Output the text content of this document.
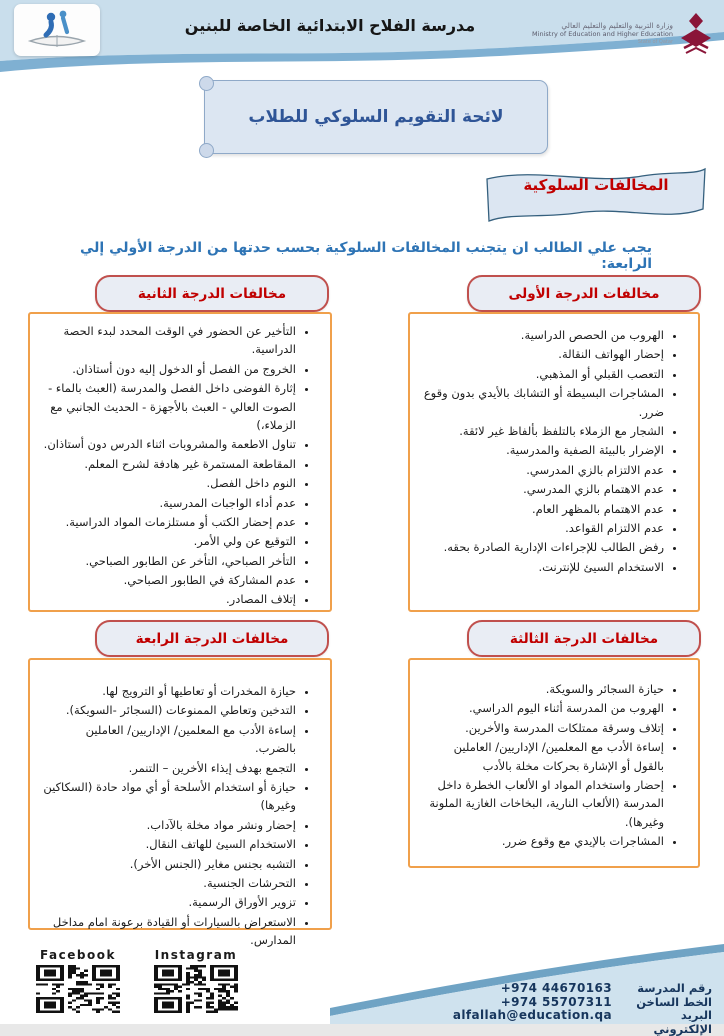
مدرسة الفلاح الابتدائية الخاصة للبنين	وزارة التربية والتعليم والتعليم العالي
Ministry of Education and Higher Education
State of Qatar
لائحة التقويم السلوكي للطلاب
المخالفات السلوكية
يجب علي الطالب ان يتجنب المخالفات السلوكية بحسب حدتها من الدرجة الأولي إلي الرابعة:
مخالفات الدرجة الأولى
مخالفات الدرجة الثانية
مخالفات الدرجة الثالثة
مخالفات الدرجة الرابعة
• الهروب من الحصص الدراسية.
• إحضار الهواتف النقالة.
• التعصب القبلي أو المذهبي.
• المشاجرات البسيطة أو التشابك بالأيدي بدون وقوع ضرر.
• الشجار مع الزملاء بالتلفظ بألفاظ غير لائقة.
• الإضرار بالبيئة الصفية والمدرسية.
• عدم الالتزام بالزي المدرسي.
• عدم الاهتمام بالزي المدرسي.
• عدم الاهتمام بالمظهر العام.
• عدم الالتزام القواعد.
• رفض الطالب للإجراءات الإدارية الصادرة بحقه.
• الاستخدام السيئ للإنترنت.
• التأخير عن الحضور في الوقت المحدد لبدء الحصة الدراسية.
• الخروج من الفصل أو الدخول إليه دون أستاذان.
• إثارة الفوضى داخل الفصل والمدرسة (العبث بالماء - الصوت العالي - العبث بالأجهزة - الحديث الجانبي مع الزملاء،)
• تناول الاطعمة والمشروبات اثناء الدرس دون أستاذان.
• المقاطعة المستمرة غير هادفة لشرح المعلم.
• النوم داخل الفصل.
• عدم أداء الواجبات المدرسية.
• عدم إحضار الكتب أو مستلزمات المواد الدراسية.
• التوقيع عن ولي الأمر.
• التأخر الصباحي، التأخر عن الطابور الصباحي.
• عدم المشاركة في الطابور الصباحي.
• إتلاف المصادر.
• حيازة السجائر والسويكة.
• الهروب من المدرسة أثناء اليوم الدراسي.
• إتلاف وسرقة ممتلكات المدرسة والأخرين.
• إساءة الأدب مع المعلمين/ الإداريين/ العاملين بالقول أو الإشارة بحركات مخلة بالأدب
• إحضار واستخدام المواد او الألعاب الخطرة داخل المدرسة (الألعاب النارية، البخاخات الغازية الملونة وغيرها).
• المشاجرات بالإيدي مع وقوع ضرر.
• حيازة المخدرات أو تعاطيها أو الترويج لها.
• التدخين وتعاطي الممنوعات (السجائر -السويكة).
• إساءة الأدب مع المعلمين/ الإداريين/ العاملين بالضرب.
• التجمع بهدف إيذاء الأخرين – التنمر.
• حيازة أو استخدام الأسلحة أو أي مواد حادة (السكاكين وغيرها)
• إحضار ونشر مواد مخلة بالآداب.
• الاستخدام السيئ للهاتف النقال.
• التشبه بجنس مغاير (الجنس الأخر).
• التحرشات الجنسية.
• تزوير الأوراق الرسمية.
• الاستعراض بالسيارات أو القيادة برعونة امام مداخل المدارس.
Facebook	Instagram
+974 44670163	رقم المدرسة
+974 55707311	الخط الساخن
alfallah@education.qa	البريد الإلكتروني
